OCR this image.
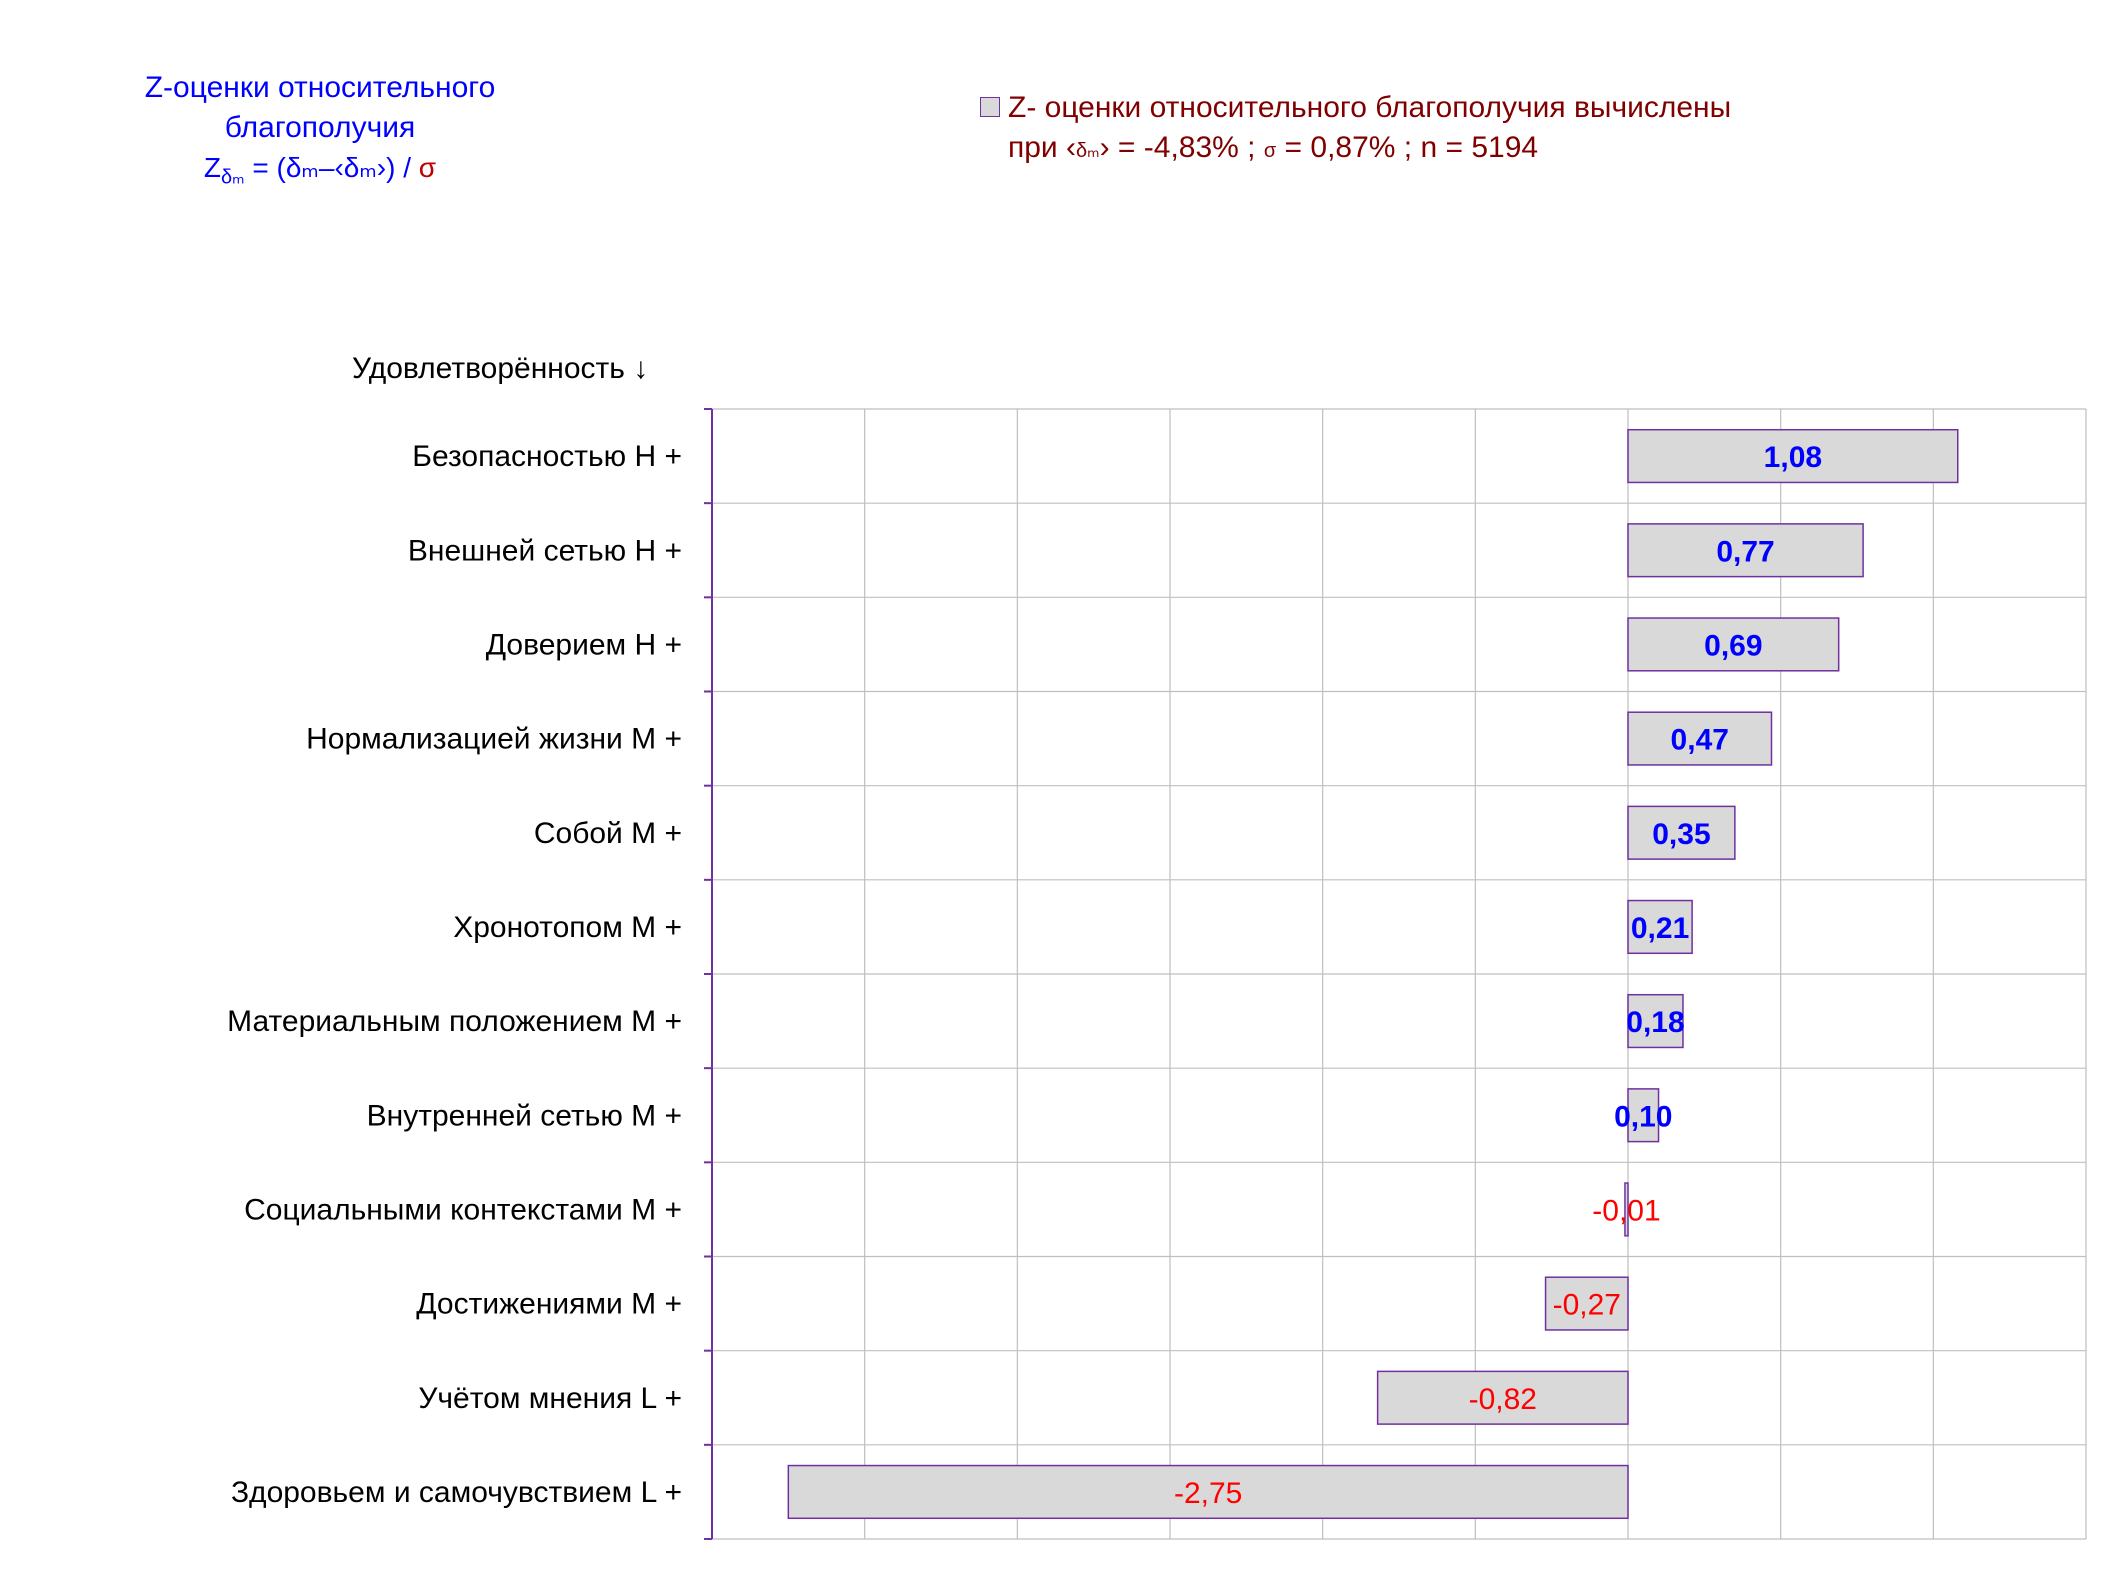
Z-оценки относительного
благополучия
$Z_{\delta_m}$ = (δₘ–‹δₘ›) / σ
Z- оценки относительного благополучия вычислены
при ‹δₘ› = -4,83% ; σ = 0,87% ; n = 5194
Удовлетворённость ↓
1,08
Безопасностью H +
0,77
Внешней сетью H +
0,69
Доверием H +
0,47
Нормализацией жизни M +
0,35
Собой M +
0,21
Хронотопом M +
0,18
Материальным положением M +
0,10
Внутренней сетью M +
-0,01
Социальными контекстами M +
-0,27
Достижениями M +
-0,82
Учётом мнения L +
-2,75
Здоровьем и самочувствием L +
